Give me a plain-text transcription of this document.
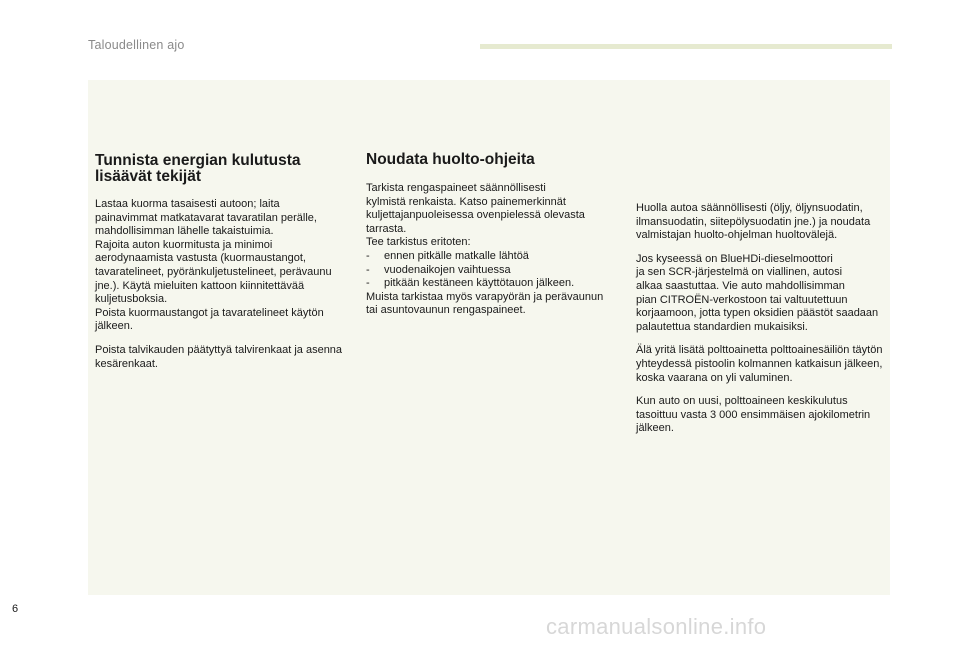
Taloudellinen ajo
Tunnista energian kulutusta lisäävät tekijät

Lastaa kuorma tasaisesti autoon; laita
painavimmat matkatavarat tavaratilan perälle,
mahdollisimman lähelle takaistuimia.
Rajoita auton kuormitusta ja minimoi
aerodynaamista vastusta (kuormaustangot,
tavaratelineet, pyöränkuljetustelineet, perävaunu
jne.). Käytä mieluiten kattoon kiinnitettävää
kuljetusboksia.
Poista kuormaustangot ja tavaratelineet käytön
jälkeen.

Poista talvikauden päätyttyä talvirenkaat ja asenna
kesärenkaat.

Noudata huolto-ohjeita

Tarkista rengaspaineet säännöllisesti
kylmistä renkaista. Katso painemerkinnät
kuljettajanpuoleisessa ovenpielessä olevasta
tarrasta.
Tee tarkistus eritoten:

-	ennen pitkälle matkalle lähtöä
-	vuodenaikojen vaihtuessa
-	pitkään kestäneen käyttötauon jälkeen.

Muista tarkistaa myös varapyörän ja perävaunun
tai asuntovaunun rengaspaineet.

Huolla autoa säännöllisesti (öljy, öljynsuodatin,
ilmansuodatin, siitepölysuodatin jne.) ja noudata
valmistajan huolto-ohjelman huoltovälejä.

Jos kyseessä on BlueHDi-dieselmoottori
ja sen SCR-järjestelmä on viallinen, autosi
alkaa saastuttaa. Vie auto mahdollisimman
pian CITROËN-verkostoon tai valtuutettuun
korjaamoon, jotta typen oksidien päästöt saadaan
palautettua standardien mukaisiksi.

Älä yritä lisätä polttoainetta polttoainesäiliön täytön
yhteydessä pistoolin kolmannen katkaisun jälkeen,
koska vaarana on yli valuminen.

Kun auto on uusi, polttoaineen keskikulutus
tasoittuu vasta 3 000 ensimmäisen ajokilometrin
jälkeen.

6
carmanualsonline.info
